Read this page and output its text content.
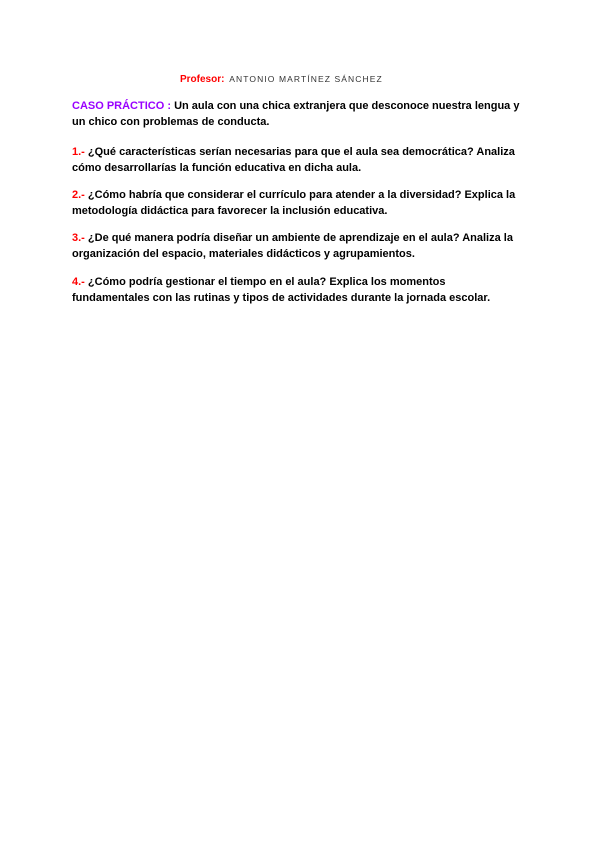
Profesor: ANTONIO MARTÍNEZ SÁNCHEZ
CASO PRÁCTICO : Un aula con una chica extranjera que desconoce nuestra lengua y
un chico con problemas de conducta.
1.- ¿Qué características serían necesarias para que el aula sea democrática? Analiza
cómo desarrollarías la función educativa en dicha aula.
2.- ¿Cómo habría que considerar el currículo para atender a la diversidad? Explica la
metodología didáctica para favorecer la inclusión educativa.
3.- ¿De qué manera podría diseñar un ambiente de aprendizaje en el aula? Analiza la
organización del espacio, materiales didácticos y agrupamientos.
4.- ¿Cómo podría gestionar el tiempo en el aula? Explica los momentos
fundamentales con las rutinas y tipos de actividades durante la jornada escolar.
